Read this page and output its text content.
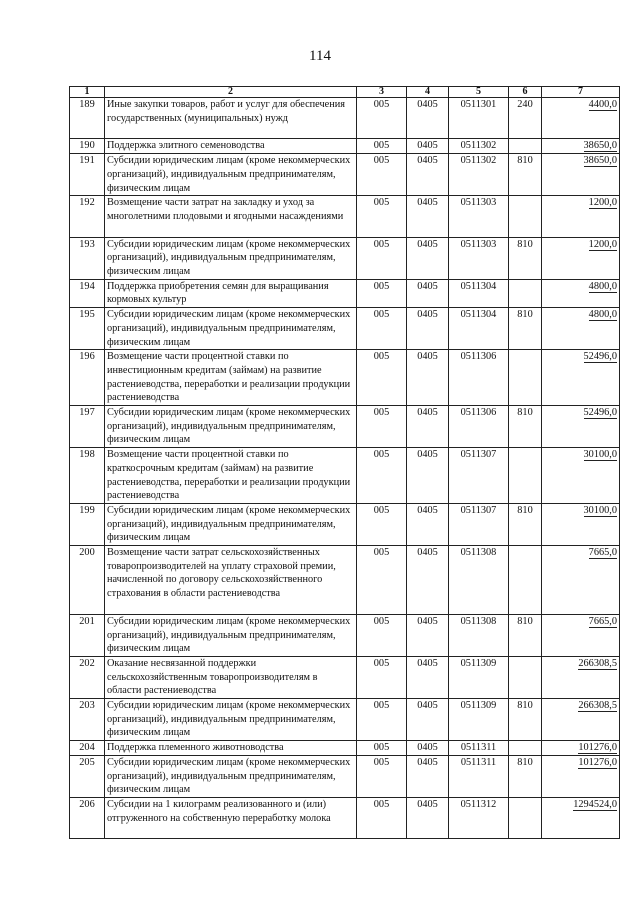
114
1	2	3	4	5	6	7
189	Иные закупки товаров, работ и услуг для обеспечения государственных (муниципальных) нужд	005	0405	0511301	240	4400,0
190	Поддержка элитного семеноводства	005	0405	0511302		38650,0
191	Субсидии юридическим лицам (кроме некоммерческих организаций), индивидуальным предпринимателям, физическим лицам	005	0405	0511302	810	38650,0
192	Возмещение части затрат на закладку и уход за многолетними плодовыми и ягодными насаждениями	005	0405	0511303		1200,0
193	Субсидии юридическим лицам (кроме некоммерческих организаций), индивидуальным предпринимателям, физическим лицам	005	0405	0511303	810	1200,0
194	Поддержка приобретения семян для выращивания кормовых культур	005	0405	0511304		4800,0
195	Субсидии юридическим лицам (кроме некоммерческих организаций), индивидуальным предпринимателям, физическим лицам	005	0405	0511304	810	4800,0
196	Возмещение части процентной ставки по инвестиционным кредитам (займам) на развитие растениеводства, переработки и реализации продукции растениеводства	005	0405	0511306		52496,0
197	Субсидии юридическим лицам (кроме некоммерческих организаций), индивидуальным предпринимателям, физическим лицам	005	0405	0511306	810	52496,0
198	Возмещение части процентной ставки по краткосрочным кредитам (займам) на развитие растениеводства, переработки и реализации продукции растениеводства	005	0405	0511307		30100,0
199	Субсидии юридическим лицам (кроме некоммерческих организаций), индивидуальным предпринимателям, физическим лицам	005	0405	0511307	810	30100,0
200	Возмещение части затрат сельскохозяйственных товаропроизводителей на уплату страховой премии, начисленной по договору сельскохозяйственного страхования в области растениеводства	005	0405	0511308		7665,0
201	Субсидии юридическим лицам (кроме некоммерческих организаций), индивидуальным предпринимателям, физическим лицам	005	0405	0511308	810	7665,0
202	Оказание несвязанной поддержки сельскохозяйственным товаропроизводителям в области растениеводства	005	0405	0511309		266308,5
203	Субсидии юридическим лицам (кроме некоммерческих организаций), индивидуальным предпринимателям, физическим лицам	005	0405	0511309	810	266308,5
204	Поддержка племенного животноводства	005	0405	0511311		101276,0
205	Субсидии юридическим лицам (кроме некоммерческих организаций), индивидуальным предпринимателям, физическим лицам	005	0405	0511311	810	101276,0
206	Субсидии на 1 килограмм реализованного и (или) отгруженного на собственную переработку молока	005	0405	0511312		1294524,0
